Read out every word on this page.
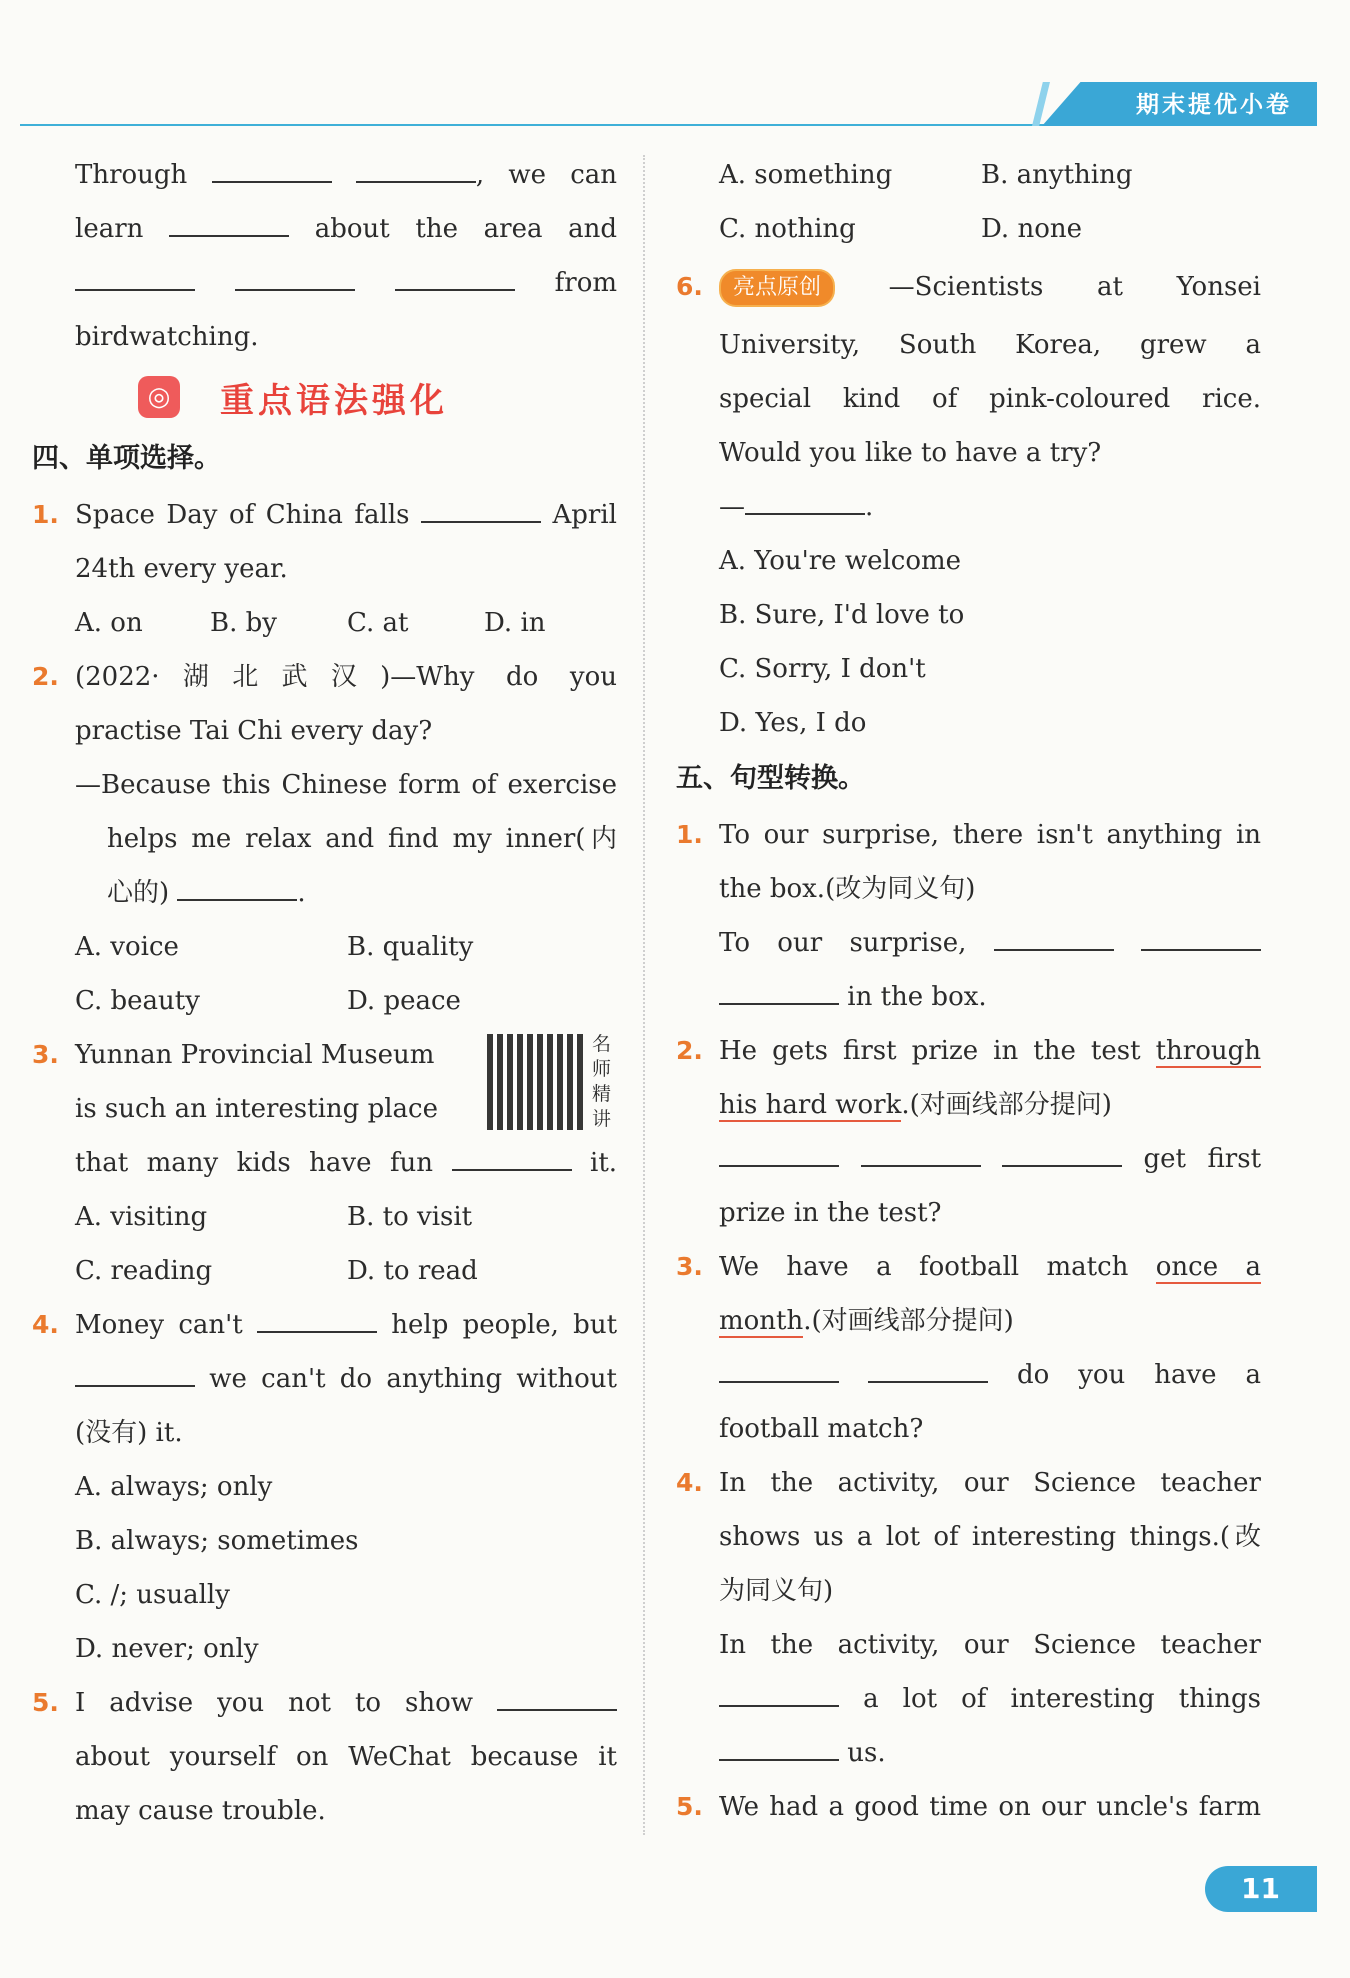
期末提优小卷
Through	, we can
learn	about the area and
from
birdwatching.
◎ 重点语法强化
四、单项选择。
1. Space Day of China falls	April
24th every year.
A. on	B. by	C. at	D. in
2. (2022·湖北武汉)—Why do you
practise Tai Chi every day?
—Because this Chinese form of exercise
helps me relax and find my inner(内
心的)	.
A. voice	B. quality
C. beauty	D. peace
3. Yunnan Provincial Museum
is such an interesting place
名师精讲
that many kids have fun	it.
A. visiting	B. to visit
C. reading	D. to read
4. Money can't	help people, but
we can't do anything without
(没有) it.
A. always; only
B. always; sometimes
C. /; usually
D. never; only
5. I advise you not to show
about yourself on WeChat because it
may cause trouble.
A. something	B. anything
C. nothing	D. none
6. 亮点原创	—Scientists at Yonsei
University, South Korea, grew a
special kind of pink-coloured rice.
Would you like to have a try?
—	.
A. You're welcome
B. Sure, I'd love to
C. Sorry, I don't
D. Yes, I do
五、句型转换。
1. To our surprise, there isn't anything in
the box.(改为同义句)
To our surprise,
in the box.
2. He gets first prize in the test through
his hard work.(对画线部分提问)
get first
prize in the test?
3. We have a football match once a
month.(对画线部分提问)
do you have a
football match?
4. In the activity, our Science teacher
shows us a lot of interesting things.(改
为同义句)
In the activity, our Science teacher
a lot of interesting things
us.
5. We had a good time on our uncle's farm
11
